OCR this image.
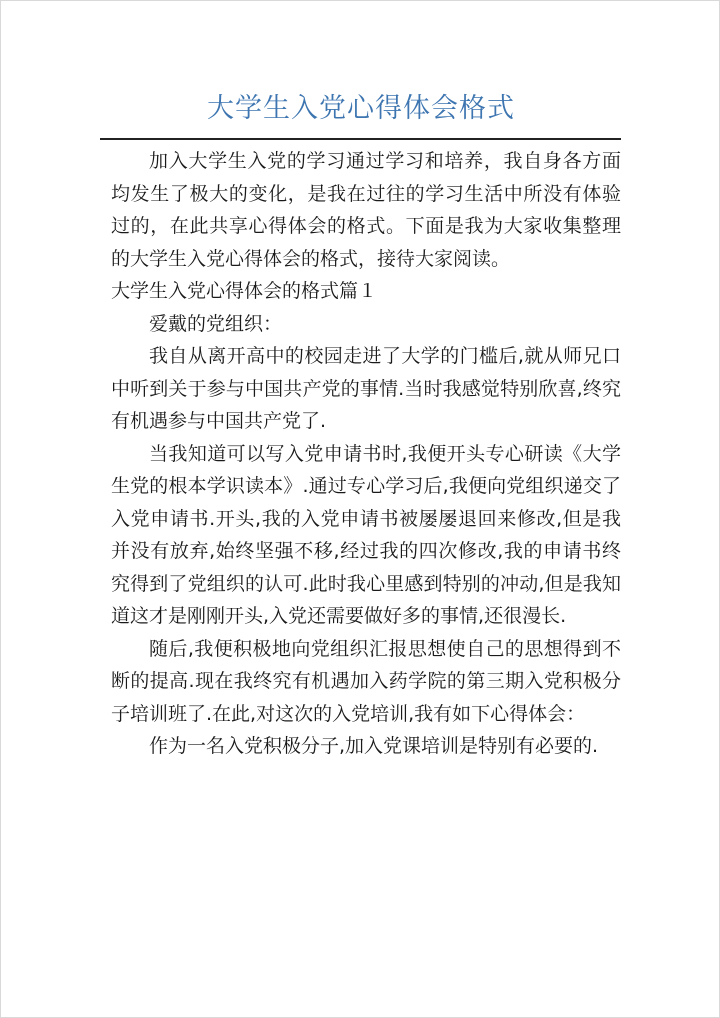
大学生入党心得体会格式

加入大学生入党的学习通过学习和培养，我自身各方面均发生了极大的变化，是我在过往的学习生活中所没有体验过的，在此共享心得体会的格式。下面是我为大家收集整理的大学生入党心得体会的格式，接待大家阅读。

大学生入党心得体会的格式篇１

爱戴的党组织：

我自从离开高中的校园走进了大学的门槛后,就从师兄口中听到关于参与中国共产党的事情.当时我感觉特别欣喜,终究有机遇参与中国共产党了.

当我知道可以写入党申请书时,我便开头专心研读《大学生党的根本学识读本》.通过专心学习后,我便向党组织递交了入党申请书.开头,我的入党申请书被屡屡退回来修改,但是我并没有放弃,始终坚强不移,经过我的四次修改,我的申请书终究得到了党组织的认可.此时我心里感到特别的冲动,但是我知道这才是刚刚开头,入党还需要做好多的事情,还很漫长.

随后,我便积极地向党组织汇报思想使自己的思想得到不断的提高.现在我终究有机遇加入药学院的第三期入党积极分子培训班了.在此,对这次的入党培训,我有如下心得体会：

作为一名入党积极分子,加入党课培训是特别有必要的.
